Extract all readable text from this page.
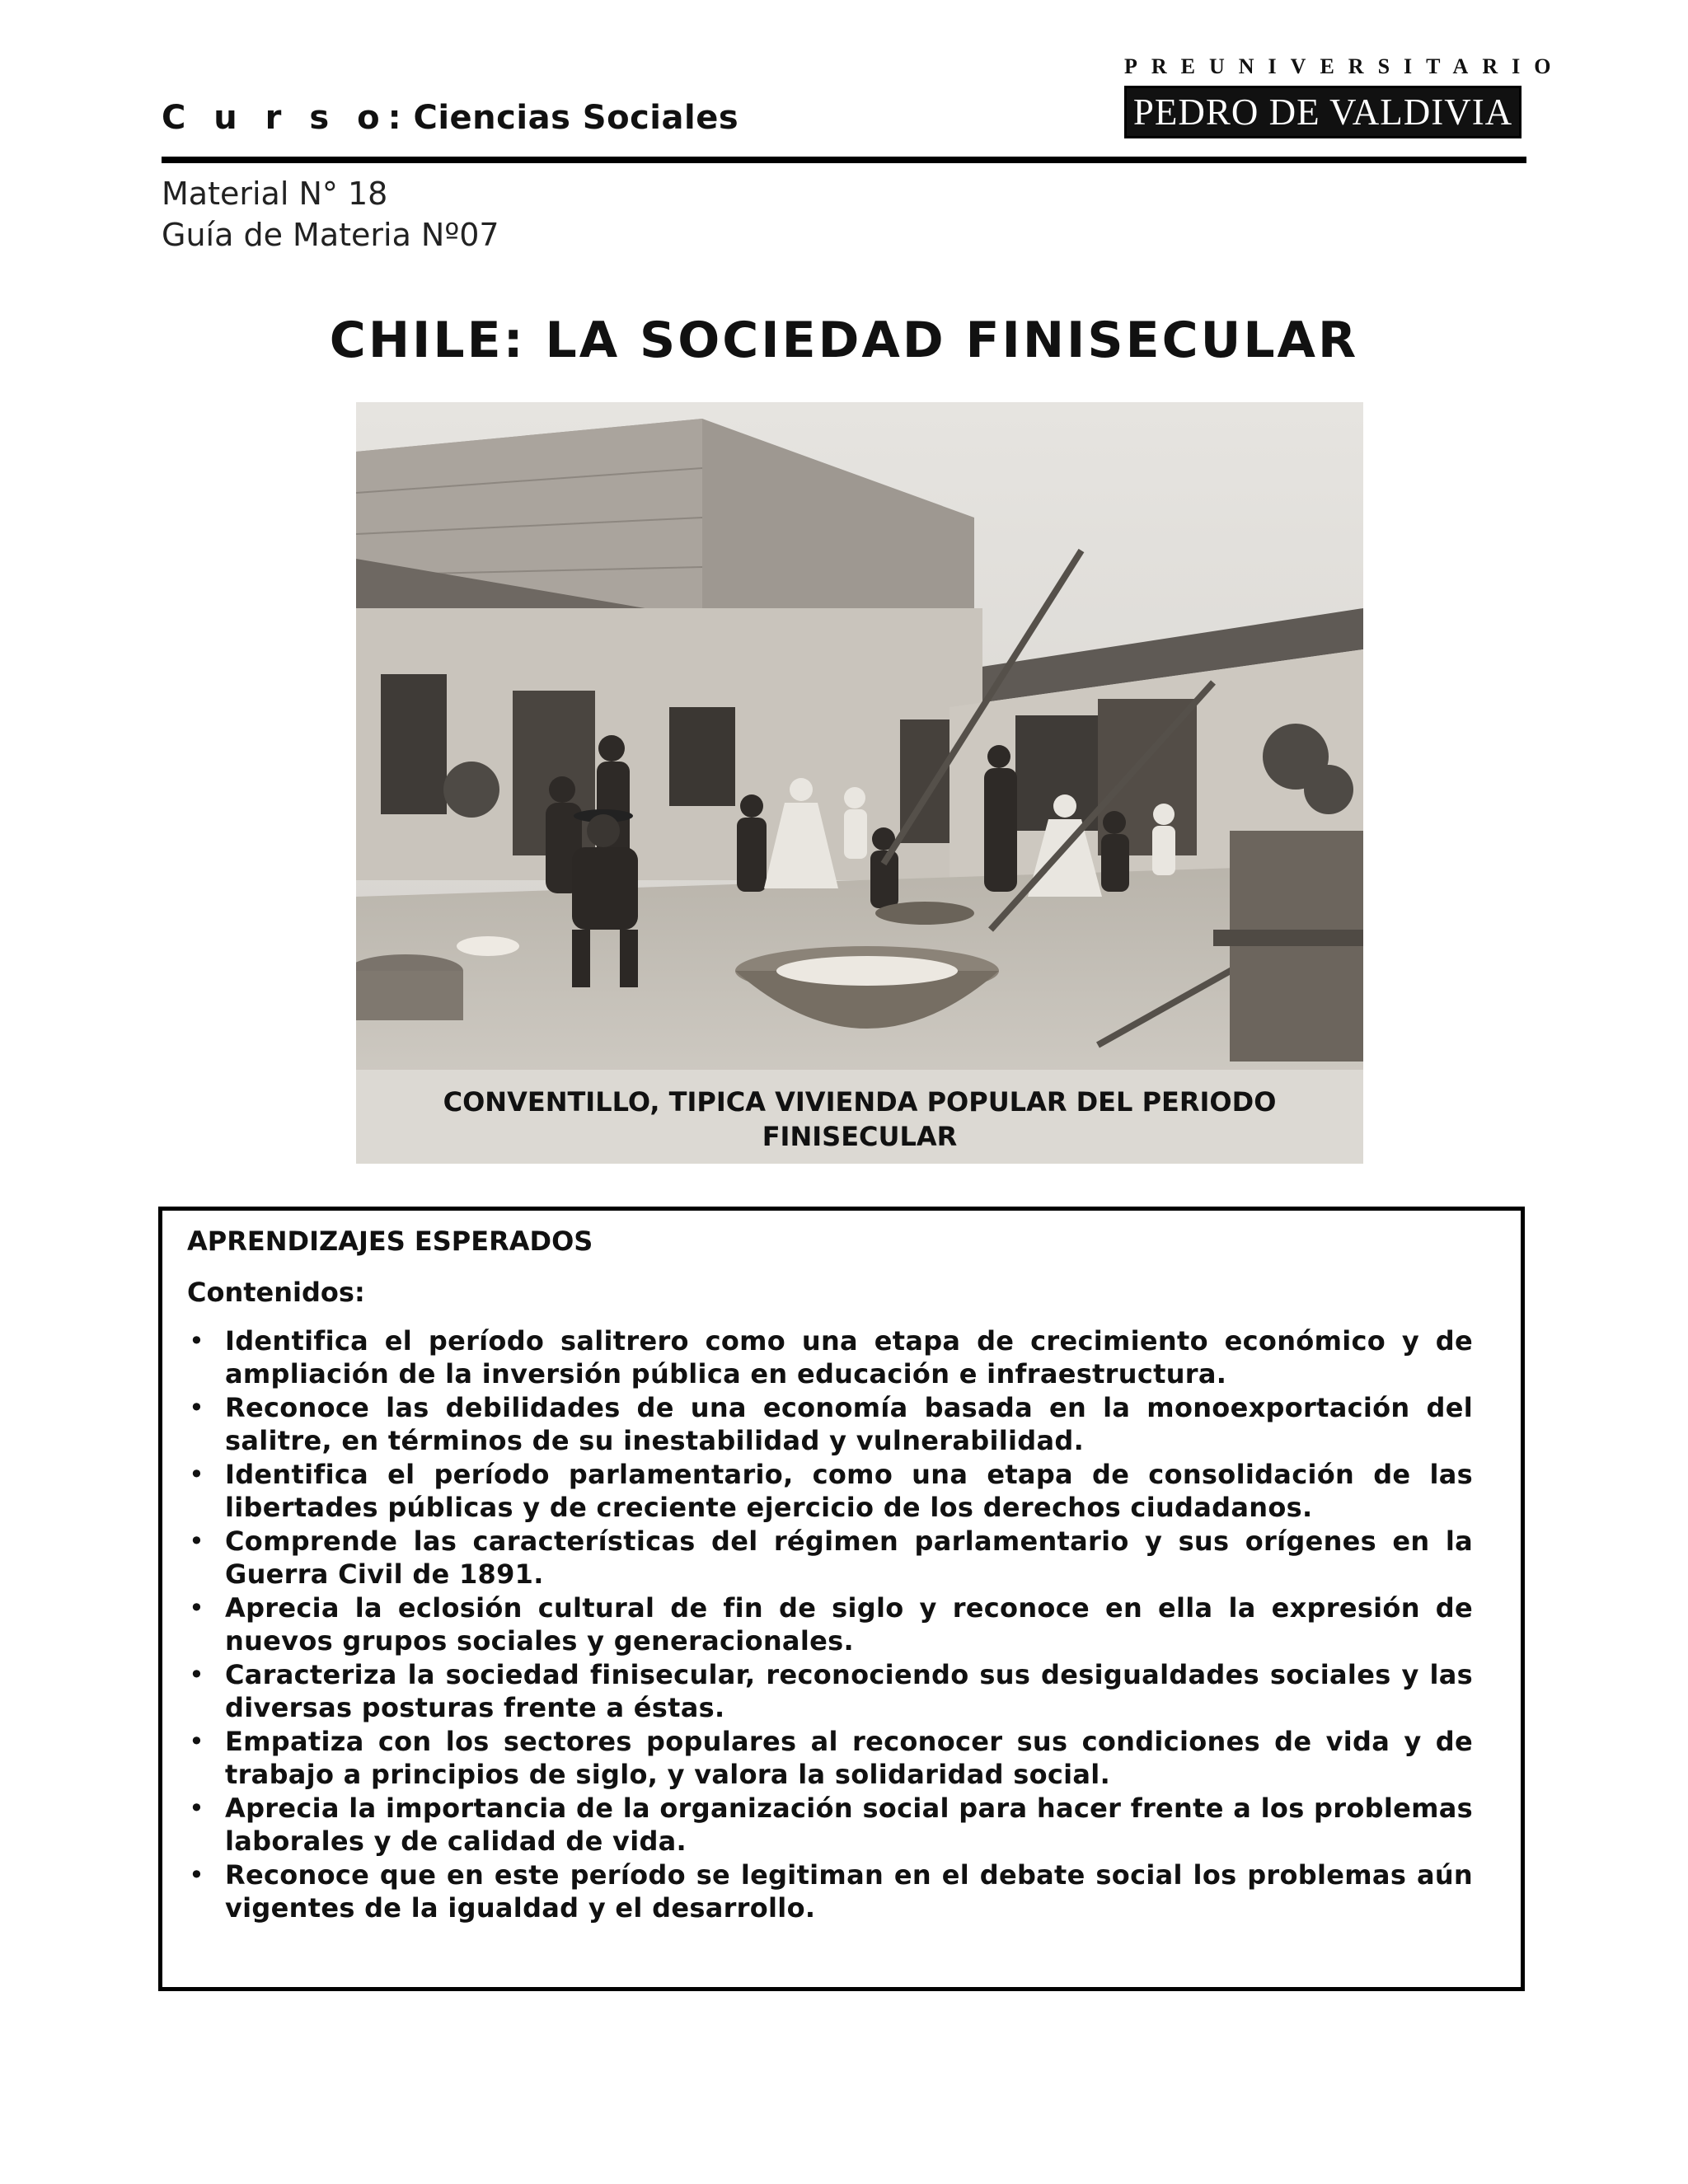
C u r s o: Ciencias Sociales
PREUNIVERSITARIO
PEDRO DE VALDIVIA
Material N° 18
Guía de Materia Nº07
CHILE: LA SOCIEDAD FINISECULAR
CONVENTILLO, TIPICA VIVIENDA POPULAR DEL PERIODO
FINISECULAR
APRENDIZAJES ESPERADOS
Contenidos:
• Identifica el período salitrero como una etapa de crecimiento económico y de ampliación de la inversión pública en educación e infraestructura.
• Reconoce las debilidades de una economía basada en la monoexportación del salitre, en términos de su inestabilidad y vulnerabilidad.
• Identifica el período parlamentario, como una etapa de consolidación de las libertades públicas y de creciente ejercicio de los derechos ciudadanos.
• Comprende las características del régimen parlamentario y sus orígenes en la Guerra Civil de 1891.
• Aprecia la eclosión cultural de fin de siglo y reconoce en ella la expresión de nuevos grupos sociales y generacionales.
• Caracteriza la sociedad finisecular, reconociendo sus desigualdades sociales y las diversas posturas frente a éstas.
• Empatiza con los sectores populares al reconocer sus condiciones de vida y de trabajo a principios de siglo, y valora la solidaridad social.
• Aprecia la importancia de la organización social para hacer frente a los problemas laborales y de calidad de vida.
• Reconoce que en este período se legitiman en el debate social los problemas aún vigentes de la igualdad y el desarrollo.
